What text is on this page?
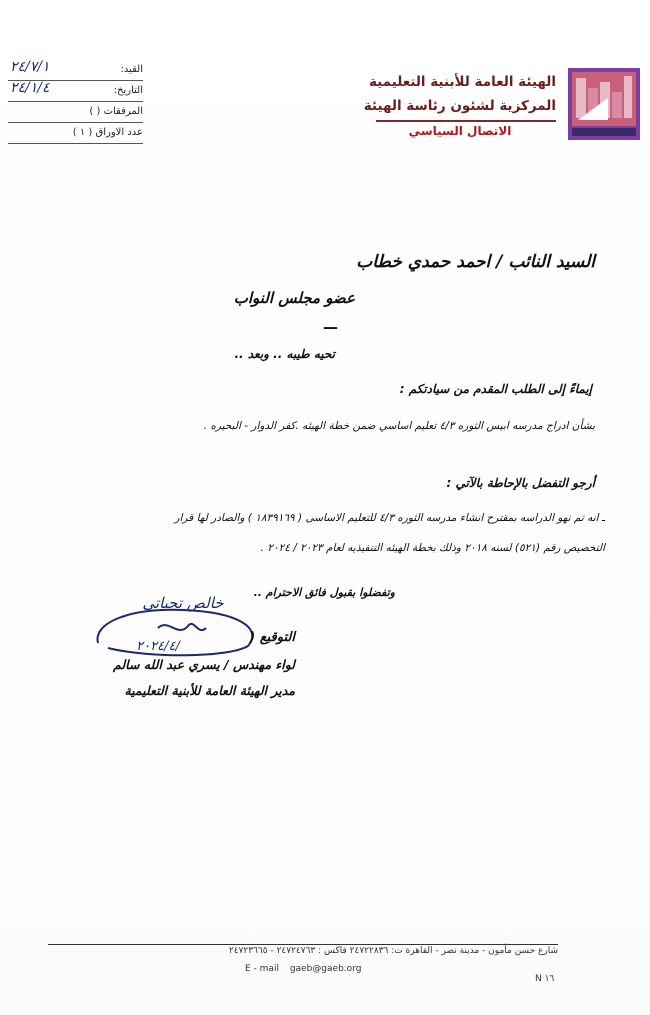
الهيئة العامة للأبنية التعليمية
المركزية لشئون رئاسة الهيئة
الاتصال السياسي
القيد:
٢٤/٧/١
التاريخ:
٢٤/١/٤
المرفقات ( )
عدد الاوراق ( ١ )
السيد النائب / احمد حمدي خطاب
عضو مجلس النواب
—
تحيه طيبه .. وبعد ..
إيماءً إلى الطلب المقدم من سيادتكم :
بشأن ادراج مدرسه ابيس الثوره ٤/٣ تعليم اساسي ضمن خطة الهيئه .كفر الدوار - البحيره .
أرجو التفضل بالإحاطة بالآتي :
ـ انه تم نهو الدراسه بمقترح انشاء مدرسه الثوره ٤/٣ للتعليم الاساسى ( ١٨٣٩١٦٩ ) والصادر لها قرار
التخصيص رقم (٥٢١) لسنه ٢٠١٨ وذلك بخطة الهيئه التنفيذيه لعام ٢٠٢٣ / ٢٠٢٤ .
وتفضلوا بقبول فائق الاحترام ..
خالص تحياتي
٢٠٢٤/٤/
التوقيع (
لواء مهندس / يسري عبد الله سالم
مدير الهيئة العامة للأبنية التعليمية
شارع حسن مأمون - مدينة نصر - القاهرة ت: ٢٤٧٢٢٨٣٦ فاكس : ٢٤٧٢٤٧٦٣ - ٢٤٧٢٣٦٦٥
E - mail gaeb@gaeb.org
N ١٦
